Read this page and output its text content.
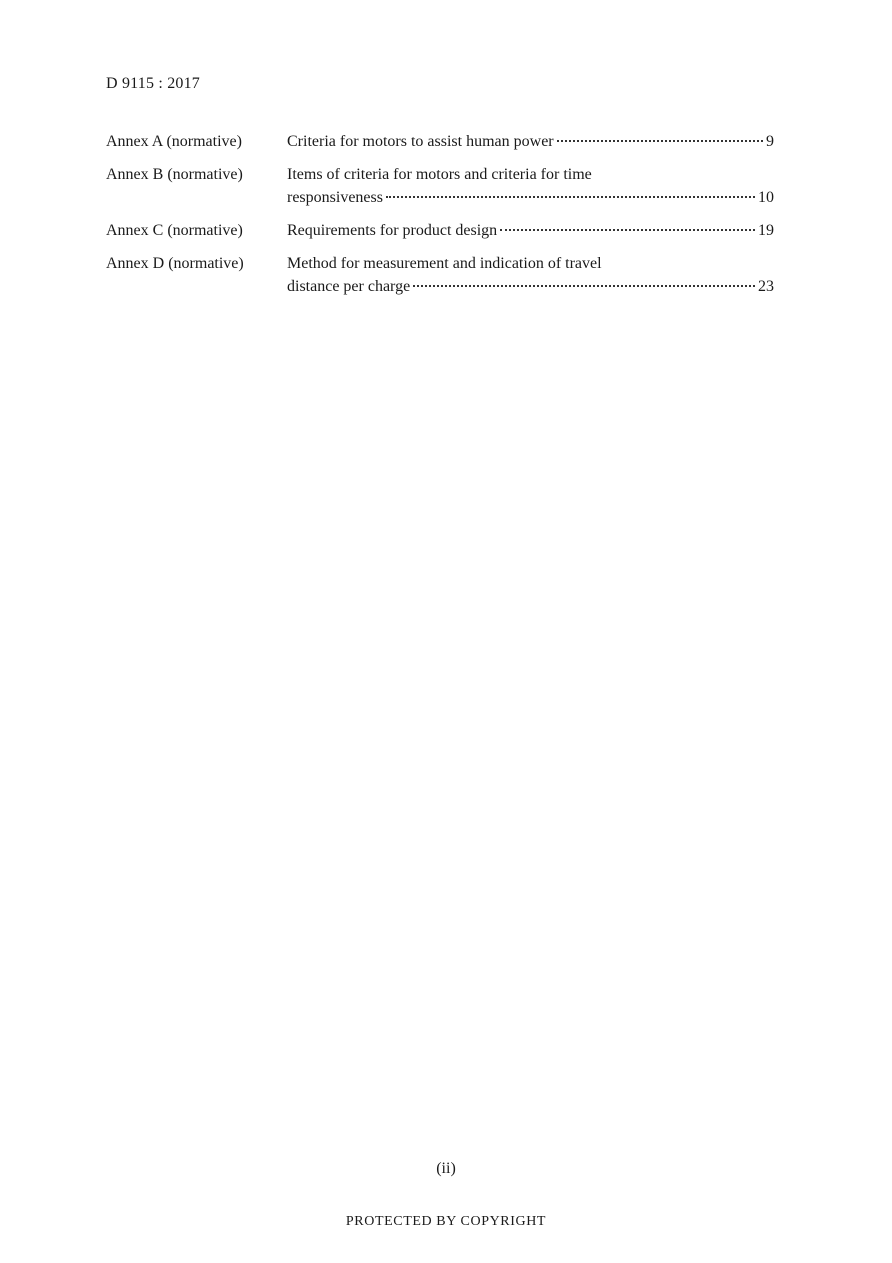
D 9115 : 2017
Annex A (normative)	Criteria for motors to assist human power	9
Annex B (normative)	Items of criteria for motors and criteria for time
responsiveness	10
Annex C (normative)	Requirements for product design	19
Annex D (normative)	Method for measurement and indication of travel
distance per charge	23
(ii)
PROTECTED BY COPYRIGHT
